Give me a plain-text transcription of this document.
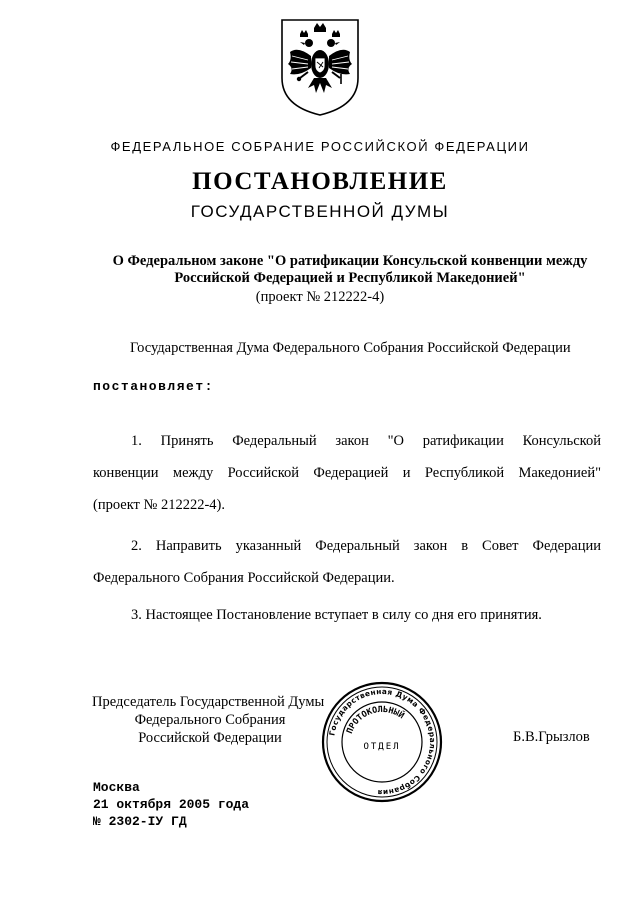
ФЕДЕРАЛЬНОЕ СОБРАНИЕ РОССИЙСКОЙ ФЕДЕРАЦИИ
ПОСТАНОВЛЕНИЕ
ГОСУДАРСТВЕННОЙ ДУМЫ
О Федеральном законе "О ратификации Консульской конвенции между
Российской Федерацией и Республикой Македонией"
(проект № 212222-4)
Государственная Дума Федерального Собрания Российской Федерации
постановляет:
1. Принять Федеральный закон "О ратификации Консульской
конвенции между Российской Федерацией и Республикой Македонией"
(проект № 212222-4).
2. Направить указанный Федеральный закон в Совет Федерации
Федерального Собрания Российской Федерации.
3. Настоящее Постановление вступает в силу со дня его принятия.
Председатель Государственной Думы
Федерального Собрания
Российской Федерации	Государственная Дума Федерального Собрания
ПРОТОКОЛЬНЫЙ
ОТДЕЛ
Б.В.Грызлов
Москва
21 октября 2005 года
№ 2302-IУ ГД
